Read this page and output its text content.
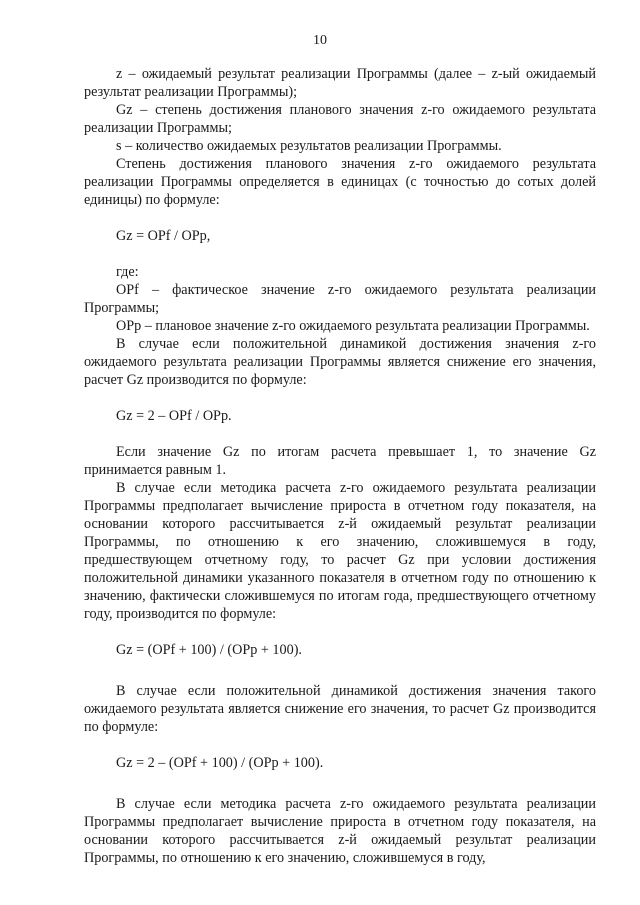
10

z – ожидаемый результат реализации Программы (далее – z-ый ожидаемый результат реализации Программы);

Gz – степень достижения планового значения z-го ожидаемого результата реализации Программы;

s – количество ожидаемых результатов реализации Программы.

Степень достижения планового значения z-го ожидаемого результата реализации Программы определяется в единицах (с точностью до сотых долей единицы) по формуле:

Gz = OPf / OPp,

где:

OPf – фактическое значение z-го ожидаемого результата реализации Программы;

OPp – плановое значение z-го ожидаемого результата реализации Программы.

В случае если положительной динамикой достижения значения z-го ожидаемого результата реализации Программы является снижение его значения, расчет Gz производится по формуле:

Gz = 2 – OPf / OPp.

Если значение Gz по итогам расчета превышает 1, то значение Gz принимается равным 1.

В случае если методика расчета z-го ожидаемого результата реализации Программы предполагает вычисление прироста в отчетном году показателя, на основании которого рассчитывается z-й ожидаемый результат реализации Программы, по отношению к его значению, сложившемуся в году, предшествующем отчетному году, то расчет Gz при условии достижения положительной динамики указанного показателя в отчетном году по отношению к значению, фактически сложившемуся по итогам года, предшествующего отчетному году, производится по формуле:

Gz = (OPf + 100) / (OPp + 100).

В случае если положительной динамикой достижения значения такого ожидаемого результата является снижение его значения, то расчет Gz производится по формуле:

Gz = 2 – (OPf + 100) / (OPp + 100).

В случае если методика расчета z-го ожидаемого результата реализации Программы предполагает вычисление прироста в отчетном году показателя, на основании которого рассчитывается z-й ожидаемый результат реализации Программы, по отношению к его значению, сложившемуся в году,
